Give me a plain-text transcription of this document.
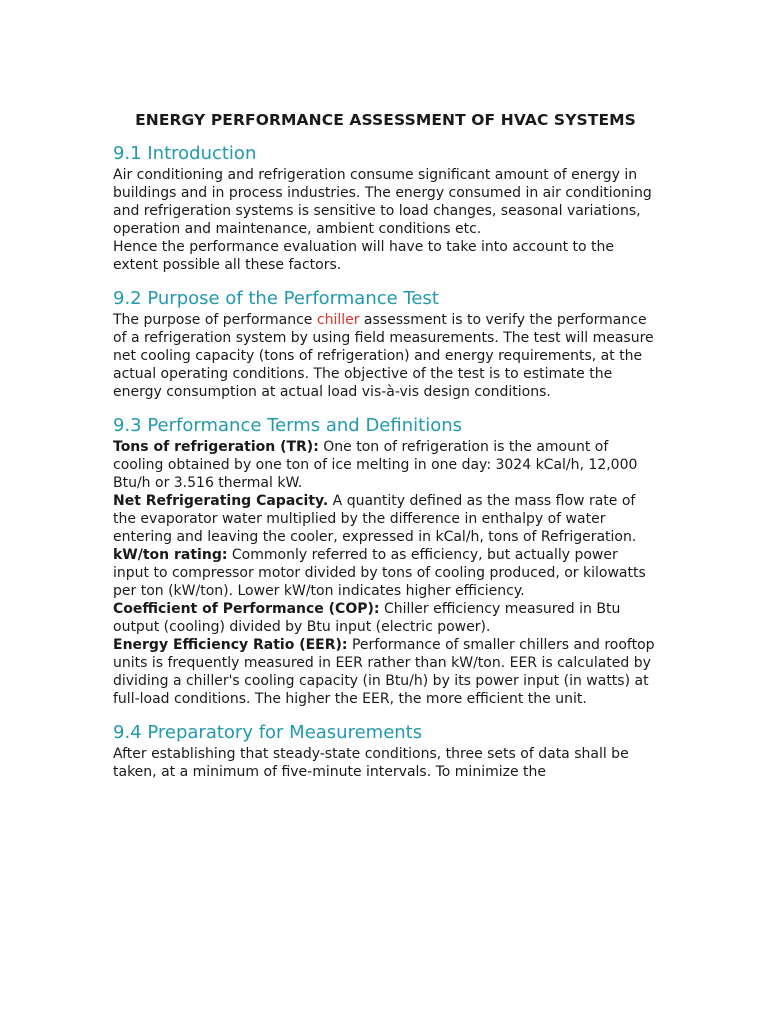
ENERGY PERFORMANCE ASSESSMENT OF HVAC SYSTEMS
9.1 Introduction

Air conditioning and refrigeration consume significant amount of energy in buildings and in process industries. The energy consumed in air conditioning and refrigeration systems is sensitive to load changes, seasonal variations, operation and maintenance, ambient conditions etc.

Hence the performance evaluation will have to take into account to the extent possible all these factors.

9.2 Purpose of the Performance Test

The purpose of performance chiller assessment is to verify the performance of a refrigeration system by using field measurements. The test will measure net cooling capacity (tons of refrigeration) and energy requirements, at the actual operating conditions. The objective of the test is to estimate the energy consumption at actual load vis-à-vis design conditions.

9.3 Performance Terms and Definitions

Tons of refrigeration (TR): One ton of refrigeration is the amount of cooling obtained by one ton of ice melting in one day: 3024 kCal/h, 12,000 Btu/h or 3.516 thermal kW.

Net Refrigerating Capacity. A quantity defined as the mass flow rate of the evaporator water multiplied by the difference in enthalpy of water entering and leaving the cooler, expressed in kCal/h, tons of Refrigeration. kW/ton rating: Commonly referred to as efficiency, but actually power input to compressor motor divided by tons of cooling produced, or kilowatts per ton (kW/ton). Lower kW/ton indicates higher efficiency.

Coefficient of Performance (COP): Chiller efficiency measured in Btu output (cooling) divided by Btu input (electric power).

Energy Efficiency Ratio (EER): Performance of smaller chillers and rooftop units is frequently measured in EER rather than kW/ton. EER is calculated by dividing a chiller's cooling capacity (in Btu/h) by its power input (in watts) at full-load conditions. The higher the EER, the more efficient the unit.

9.4 Preparatory for Measurements

After establishing that steady-state conditions, three sets of data shall be taken, at a minimum of five-minute intervals. To minimize the
